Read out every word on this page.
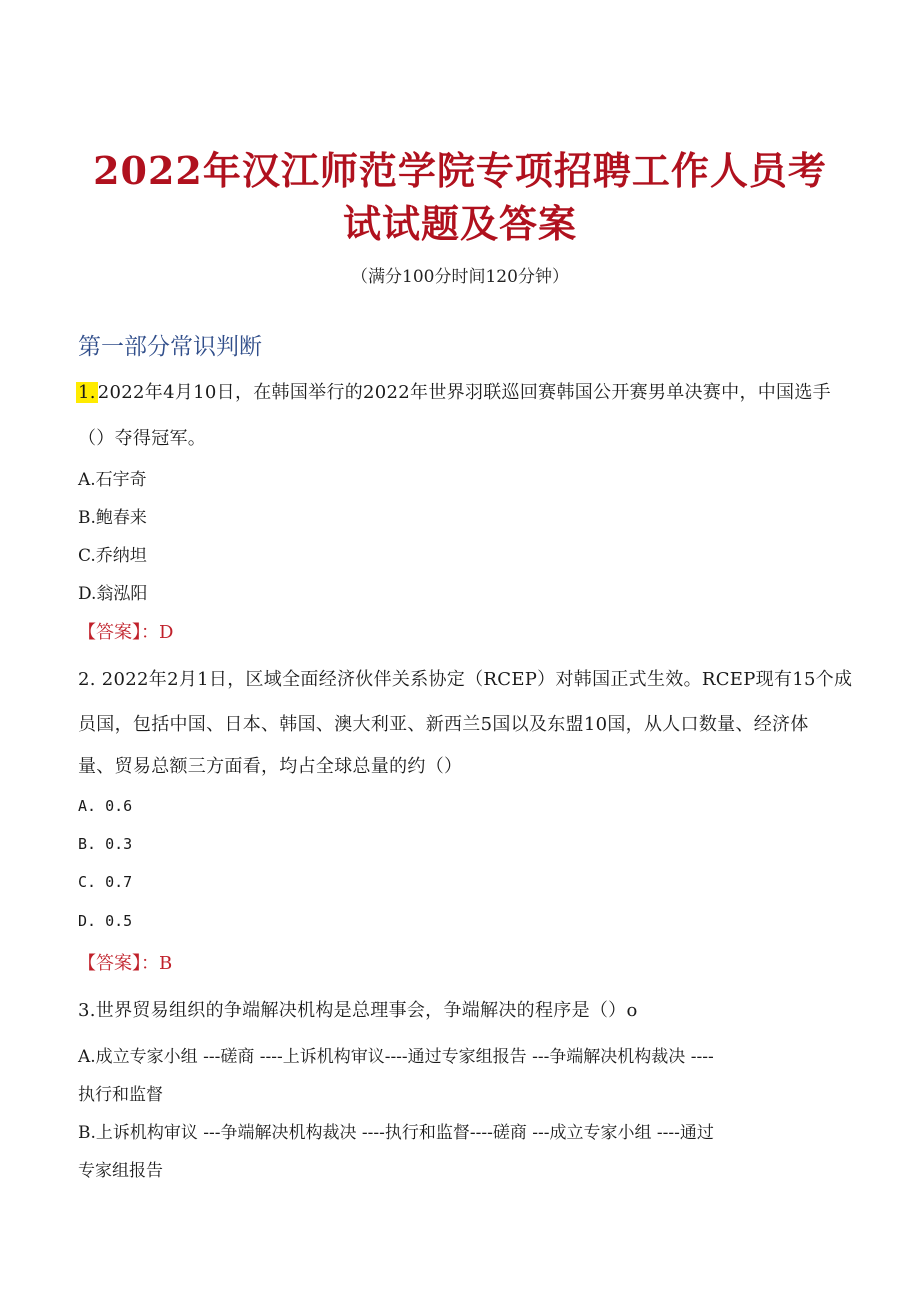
2022年汉江师范学院专项招聘工作人员考
试试题及答案
（满分100分时间120分钟）
第一部分常识判断
1. 2022年4月10日，在韩国举行的2022年世界羽联巡回赛韩国公开赛男单决赛中，中国选手
（）夺得冠军。
A.石宇奇
B.鲍春来
C.乔纳坦
D.翁泓阳
【答案】：D
2. 2022年2月1日，区域全面经济伙伴关系协定（RCEP）对韩国正式生效。RCEP现有15个成
员国，包括中国、日本、韩国、澳大利亚、新西兰5国以及东盟10国，从人口数量、经济体
量、贸易总额三方面看，均占全球总量的约（）
A. 0.6
B. 0.3
C. 0.7
D. 0.5
【答案】：B
3.世界贸易组织的争端解决机构是总理事会，争端解决的程序是（）o
A.成立专家小组 ---磋商 ----上诉机构审议----通过专家组报告 ---争端解决机构裁决 ----
执行和监督
B.上诉机构审议 ---争端解决机构裁决 ----执行和监督----磋商 ---成立专家小组 ----通过
专家组报告
